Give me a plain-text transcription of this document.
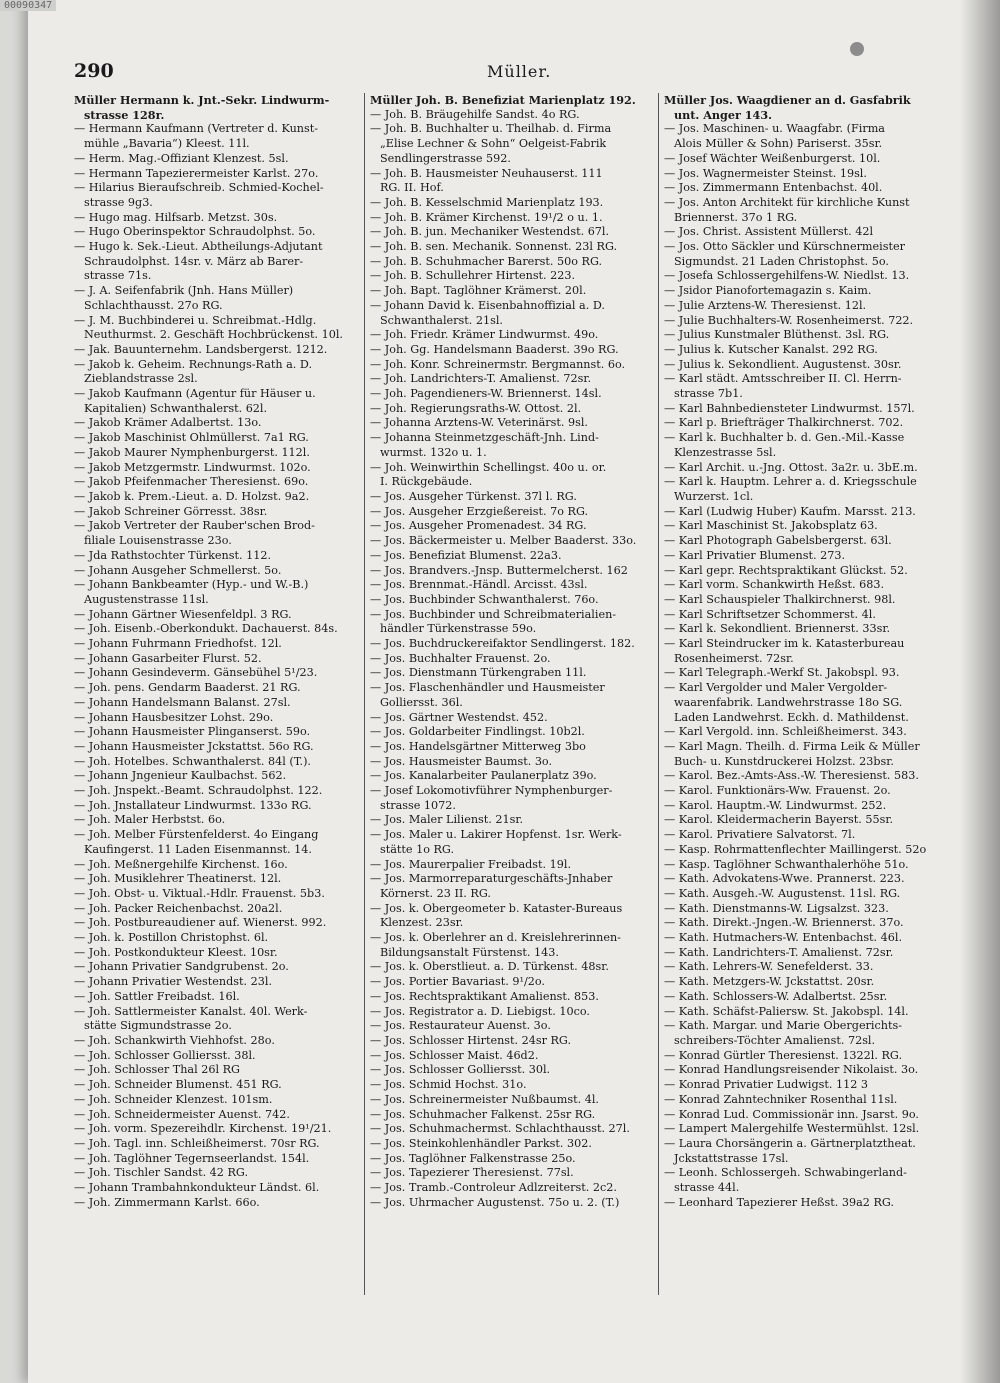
00090347
290	Müller.
Müller Hermann k. Jnt.-Sekr. Lindwurm-
strasse 128r.
— Hermann Kaufmann (Vertreter d. Kunst-
mühle „Bavaria“) Kleest. 11l.
— Herm. Mag.-Offiziant Klenzest. 5sl.
— Hermann Tapezierermeister Karlst. 27o.
— Hilarius Bieraufschreib. Schmied-Kochel-
strasse 9g3.
— Hugo mag. Hilfsarb. Metzst. 30s.
— Hugo Oberinspektor Schraudolphst. 5o.
— Hugo k. Sek.-Lieut. Abtheilungs-Adjutant
Schraudolphst. 14sr. v. März ab Barer-
strasse 71s.
— J. A. Seifenfabrik (Jnh. Hans Müller)
Schlachthausst. 27o RG.
— J. M. Buchbinderei u. Schreibmat.-Hdlg.
Neuthurmst. 2. Geschäft Hochbrückenst. 10l.
— Jak. Bauunternehm. Landsbergerst. 1212.
— Jakob k. Geheim. Rechnungs-Rath a. D.
Zieblandstrasse 2sl.
— Jakob Kaufmann (Agentur für Häuser u.
Kapitalien) Schwanthalerst. 62l.
— Jakob Krämer Adalbertst. 13o.
— Jakob Maschinist Ohlmüllerst. 7a1 RG.
— Jakob Maurer Nymphenburgerst. 112l.
— Jakob Metzgermstr. Lindwurmst. 102o.
— Jakob Pfeifenmacher Theresienst. 69o.
— Jakob k. Prem.-Lieut. a. D. Holzst. 9a2.
— Jakob Schreiner Görresst. 38sr.
— Jakob Vertreter der Rauber'schen Brod-
filiale Louisenstrasse 23o.
— Jda Rathstochter Türkenst. 112.
— Johann Ausgeher Schmellerst. 5o.
— Johann Bankbeamter (Hyp.- und W.-B.)
Augustenstrasse 11sl.
— Johann Gärtner Wiesenfeldpl. 3 RG.
— Joh. Eisenb.-Oberkondukt. Dachauerst. 84s.
— Johann Fuhrmann Friedhofst. 12l.
— Johann Gasarbeiter Flurst. 52.
— Johann Gesindeverm. Gänsebühel 5¹/23.
— Joh. pens. Gendarm Baaderst. 21 RG.
— Johann Handelsmann Balanst. 27sl.
— Johann Hausbesitzer Lohst. 29o.
— Johann Hausmeister Plinganserst. 59o.
— Johann Hausmeister Jckstattst. 56o RG.
— Joh. Hotelbes. Schwanthalerst. 84l (T.).
— Johann Jngenieur Kaulbachst. 562.
— Joh. Jnspekt.-Beamt. Schraudolphst. 122.
— Joh. Jnstallateur Lindwurmst. 133o RG.
— Joh. Maler Herbstst. 6o.
— Joh. Melber Fürstenfelderst. 4o Eingang
Kaufingerst. 11 Laden Eisenmannst. 14.
— Joh. Meßnergehilfe Kirchenst. 16o.
— Joh. Musiklehrer Theatinerst. 12l.
— Joh. Obst- u. Viktual.-Hdlr. Frauenst. 5b3.
— Joh. Packer Reichenbachst. 20a2l.
— Joh. Postbureaudiener auf. Wienerst. 992.
— Joh. k. Postillon Christophst. 6l.
— Joh. Postkondukteur Kleest. 10sr.
— Johann Privatier Sandgrubenst. 2o.
— Johann Privatier Westendst. 23l.
— Joh. Sattler Freibadst. 16l.
— Joh. Sattlermeister Kanalst. 40l. Werk-
stätte Sigmundstrasse 2o.
— Joh. Schankwirth Viehhofst. 28o.
— Joh. Schlosser Golliersst. 38l.
— Joh. Schlosser Thal 26l RG
— Joh. Schneider Blumenst. 451 RG.
— Joh. Schneider Klenzest. 101sm.
— Joh. Schneidermeister Auenst. 742.
— Joh. vorm. Spezereihdlr. Kirchenst. 19¹/21.
— Joh. Tagl. inn. Schleißheimerst. 70sr RG.
— Joh. Taglöhner Tegernseerlandst. 154l.
— Joh. Tischler Sandst. 42 RG.
— Johann Trambahnkondukteur Ländst. 6l.
— Joh. Zimmermann Karlst. 66o.
Müller Joh. B. Benefiziat Marienplatz 192.
— Joh. B. Bräugehilfe Sandst. 4o RG.
— Joh. B. Buchhalter u. Theilhab. d. Firma
„Elise Lechner & Sohn“ Oelgeist-Fabrik
Sendlingerstrasse 592.
— Joh. B. Hausmeister Neuhauserst. 111
RG. II. Hof.
— Joh. B. Kesselschmid Marienplatz 193.
— Joh. B. Krämer Kirchenst. 19¹/2 o u. 1.
— Joh. B. jun. Mechaniker Westendst. 67l.
— Joh. B. sen. Mechanik. Sonnenst. 23l RG.
— Joh. B. Schuhmacher Barerst. 50o RG.
— Joh. B. Schullehrer Hirtenst. 223.
— Joh. Bapt. Taglöhner Krämerst. 20l.
— Johann David k. Eisenbahnoffizial a. D.
Schwanthalerst. 21sl.
— Joh. Friedr. Krämer Lindwurmst. 49o.
— Joh. Gg. Handelsmann Baaderst. 39o RG.
— Joh. Konr. Schreinermstr. Bergmannst. 6o.
— Joh. Landrichters-T. Amalienst. 72sr.
— Joh. Pagendieners-W. Briennerst. 14sl.
— Joh. Regierungsraths-W. Ottost. 2l.
— Johanna Arztens-W. Veterinärst. 9sl.
— Johanna Steinmetzgeschäft-Jnh. Lind-
wurmst. 132o u. 1.
— Joh. Weinwirthin Schellingst. 40o u. or.
I. Rückgebäude.
— Jos. Ausgeher Türkenst. 37l l. RG.
— Jos. Ausgeher Erzgießereist. 7o RG.
— Jos. Ausgeher Promenadest. 34 RG.
— Jos. Bäckermeister u. Melber Baaderst. 33o.
— Jos. Benefiziat Blumenst. 22a3.
— Jos. Brandvers.-Jnsp. Buttermelcherst. 162
— Jos. Brennmat.-Händl. Arcisst. 43sl.
— Jos. Buchbinder Schwanthalerst. 76o.
— Jos. Buchbinder und Schreibmaterialien-
händler Türkenstrasse 59o.
— Jos. Buchdruckereifaktor Sendlingerst. 182.
— Jos. Buchhalter Frauenst. 2o.
— Jos. Dienstmann Türkengraben 11l.
— Jos. Flaschenhändler und Hausmeister
Golliersst. 36l.
— Jos. Gärtner Westendst. 452.
— Jos. Goldarbeiter Findlingst. 10b2l.
— Jos. Handelsgärtner Mitterweg 3bo
— Jos. Hausmeister Baumst. 3o.
— Jos. Kanalarbeiter Paulanerplatz 39o.
— Josef Lokomotivführer Nymphenburger-
strasse 1072.
— Jos. Maler Lilienst. 21sr.
— Jos. Maler u. Lakirer Hopfenst. 1sr. Werk-
stätte 1o RG.
— Jos. Maurerpalier Freibadst. 19l.
— Jos. Marmorreparaturgeschäfts-Jnhaber
Körnerst. 23 II. RG.
— Jos. k. Obergeometer b. Kataster-Bureaus
Klenzest. 23sr.
— Jos. k. Oberlehrer an d. Kreislehrerinnen-
Bildungsanstalt Fürstenst. 143.
— Jos. k. Oberstlieut. a. D. Türkenst. 48sr.
— Jos. Portier Bavariast. 9¹/2o.
— Jos. Rechtspraktikant Amalienst. 853.
— Jos. Registrator a. D. Liebigst. 10co.
— Jos. Restaurateur Auenst. 3o.
— Jos. Schlosser Hirtenst. 24sr RG.
— Jos. Schlosser Maist. 46d2.
— Jos. Schlosser Golliersst. 30l.
— Jos. Schmid Hochst. 31o.
— Jos. Schreinermeister Nußbaumst. 4l.
— Jos. Schuhmacher Falkenst. 25sr RG.
— Jos. Schuhmachermst. Schlachthausst. 27l.
— Jos. Steinkohlenhändler Parkst. 302.
— Jos. Taglöhner Falkenstrasse 25o.
— Jos. Tapezierer Theresienst. 77sl.
— Jos. Tramb.-Controleur Adlzreiterst. 2c2.
— Jos. Uhrmacher Augustenst. 75o u. 2. (T.)
Müller Jos. Waagdiener an d. Gasfabrik
unt. Anger 143.
— Jos. Maschinen- u. Waagfabr. (Firma
Alois Müller & Sohn) Pariserst. 35sr.
— Josef Wächter Weißenburgerst. 10l.
— Jos. Wagnermeister Steinst. 19sl.
— Jos. Zimmermann Entenbachst. 40l.
— Jos. Anton Architekt für kirchliche Kunst
Briennerst. 37o 1 RG.
— Jos. Christ. Assistent Müllerst. 42l
— Jos. Otto Säckler und Kürschnermeister
Sigmundst. 21 Laden Christophst. 5o.
— Josefa Schlossergehilfens-W. Niedlst. 13.
— Jsidor Pianofortemagazin s. Kaim.
— Julie Arztens-W. Theresienst. 12l.
— Julie Buchhalters-W. Rosenheimerst. 722.
— Julius Kunstmaler Blüthenst. 3sl. RG.
— Julius k. Kutscher Kanalst. 292 RG.
— Julius k. Sekondlient. Augustenst. 30sr.
— Karl städt. Amtsschreiber II. Cl. Herrn-
strasse 7b1.
— Karl Bahnbedienstеter Lindwurmst. 157l.
— Karl p. Briefträger Thalkirchnerst. 702.
— Karl k. Buchhalter b. d. Gen.-Mil.-Kasse
Klenzestrasse 5sl.
— Karl Archit. u.-Jng. Ottost. 3a2r. u. 3bE.m.
— Karl k. Hauptm. Lehrer a. d. Kriegsschule
Wurzerst. 1cl.
— Karl (Ludwig Huber) Kaufm. Marsst. 213.
— Karl Maschinist St. Jakobsplatz 63.
— Karl Photograph Gabelsbergerst. 63l.
— Karl Privatier Blumenst. 273.
— Karl gepr. Rechtspraktikant Glückst. 52.
— Karl vorm. Schankwirth Heßst. 683.
— Karl Schauspieler Thalkirchnerst. 98l.
— Karl Schriftsetzer Schommerst. 4l.
— Karl k. Sekondlient. Briennerst. 33sr.
— Karl Steindrucker im k. Katasterbureau
Rosenheimerst. 72sr.
— Karl Telegraph.-Werkf St. Jakobspl. 93.
— Karl Vergolder und Maler Vergolder-
waarenfabrik. Landwehrstrasse 18o SG.
Laden Landwehrst. Eckh. d. Mathildenst.
— Karl Vergold. inn. Schleißheimerst. 343.
— Karl Magn. Theilh. d. Firma Leik & Müller
Buch- u. Kunstdruckerei Holzst. 23bsr.
— Karol. Bez.-Amts-Ass.-W. Theresienst. 583.
— Karol. Funktionärs-Ww. Frauenst. 2o.
— Karol. Hauptm.-W. Lindwurmst. 252.
— Karol. Kleidermacherin Bayerst. 55sr.
— Karol. Privatiere Salvatorst. 7l.
— Kasp. Rohrmattenflechter Maillingerst. 52o
— Kasp. Taglöhner Schwanthalerhöhe 51o.
— Kath. Advokatens-Wwe. Prannerst. 223.
— Kath. Ausgeh.-W. Augustenst. 11sl. RG.
— Kath. Dienstmanns-W. Ligsalzst. 323.
— Kath. Direkt.-Jngen.-W. Briennerst. 37o.
— Kath. Hutmachers-W. Entenbachst. 46l.
— Kath. Landrichters-T. Amalienst. 72sr.
— Kath. Lehrers-W. Senefelderst. 33.
— Kath. Metzgers-W. Jckstattst. 20sr.
— Kath. Schlossers-W. Adalbertst. 25sr.
— Kath. Schäfst-Paliersw. St. Jakobspl. 14l.
— Kath. Margar. und Marie Obergerichts-
schreibers-Töchter Amalienst. 72sl.
— Konrad Gürtler Theresienst. 1322l. RG.
— Konrad Handlungsreisender Nikolaist. 3o.
— Konrad Privatier Ludwigst. 112 3
— Konrad Zahntechniker Rosenthal 11sl.
— Konrad Lud. Commissionär inn. Jsarst. 9o.
— Lampert Malergehilfe Westermühlst. 12sl.
— Laura Chorsängerin a. Gärtnerplatztheat.
Jckstattstrasse 17sl.
— Leonh. Schlossergeh. Schwabingerland-
strasse 44l.
— Leonhard Tapezierer Heßst. 39a2 RG.
